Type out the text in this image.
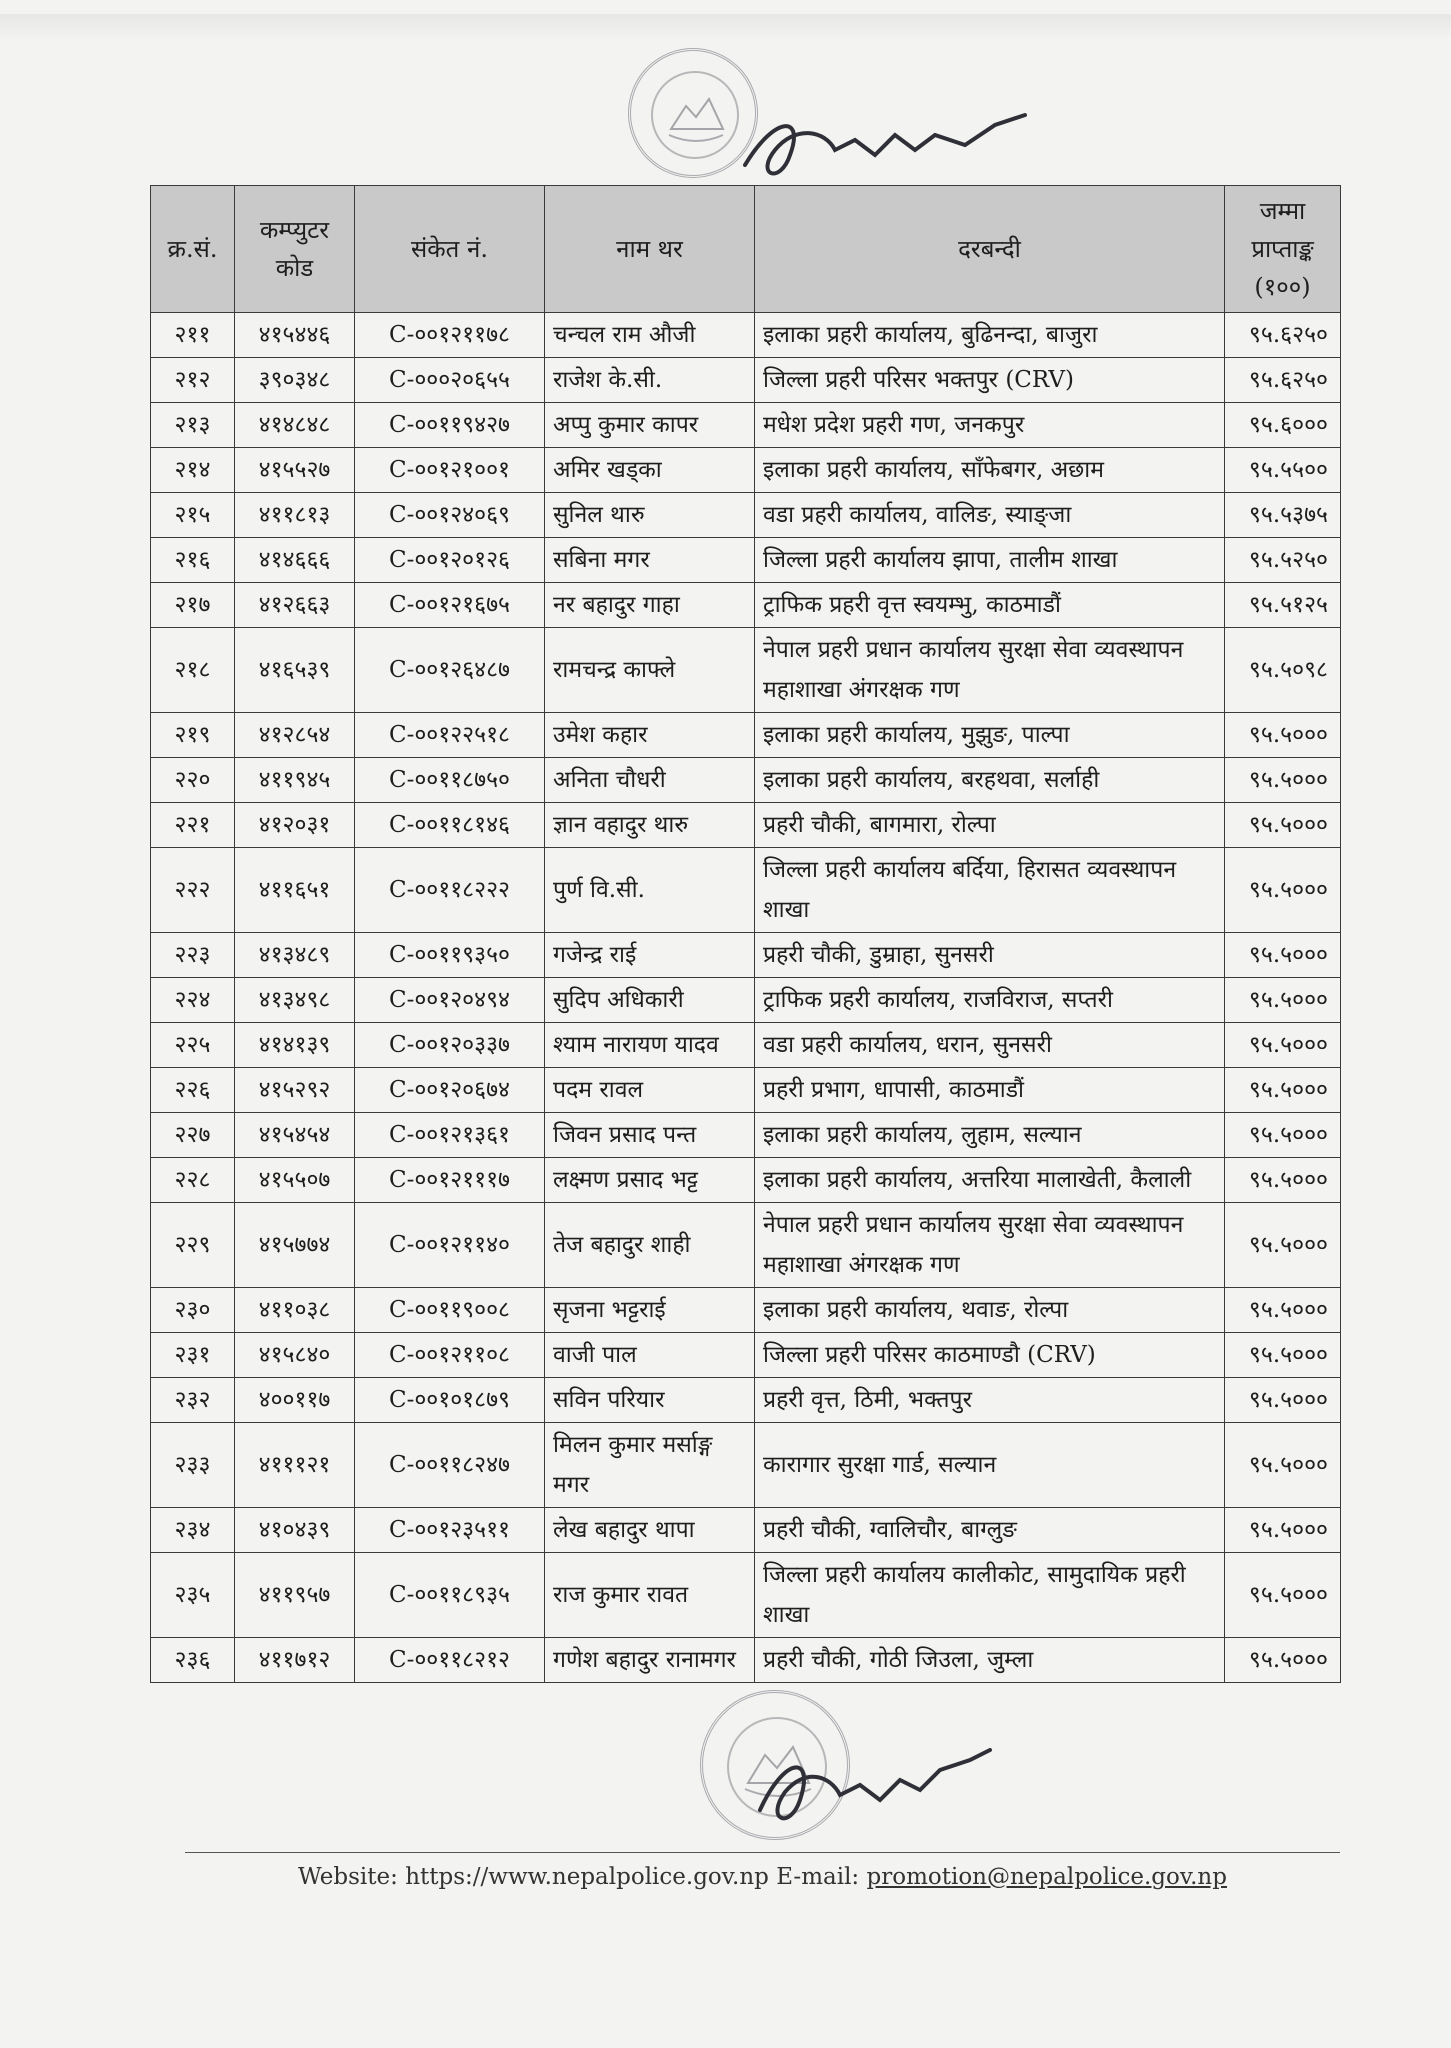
क्र.सं.	कम्प्युटर कोड	संकेत नं.	नाम थर	दरबन्दी	जम्मा प्राप्ताङ्क (१००)
२११	४१५४४६	C-००१२११७८	चन्चल राम औजी	इलाका प्रहरी कार्यालय, बुढिनन्दा, बाजुरा	९५.६२५०
२१२	३९०३४८	C-०००२०६५५	राजेश के.सी.	जिल्ला प्रहरी परिसर भक्तपुर (CRV)	९५.६२५०
२१३	४१४८४८	C-००११९४२७	अप्पु कुमार कापर	मधेश प्रदेश प्रहरी गण, जनकपुर	९५.६०००
२१४	४१५५२७	C-००१२१००१	अमिर खड्का	इलाका प्रहरी कार्यालय, साँफेबगर, अछाम	९५.५५००
२१५	४११८१३	C-००१२४०६९	सुनिल थारु	वडा प्रहरी कार्यालय, वालिङ, स्याङ्जा	९५.५३७५
२१६	४१४६६६	C-००१२०१२६	सबिना मगर	जिल्ला प्रहरी कार्यालय झापा, तालीम शाखा	९५.५२५०
२१७	४१२६६३	C-००१२१६७५	नर बहादुर गाहा	ट्राफिक प्रहरी वृत्त स्वयम्भु, काठमाडौं	९५.५१२५
२१८	४१६५३९	C-००१२६४८७	रामचन्द्र काफ्ले	नेपाल प्रहरी प्रधान कार्यालय सुरक्षा सेवा व्यवस्थापन महाशाखा अंगरक्षक गण	९५.५०९८
२१९	४१२८५४	C-००१२२५१८	उमेश कहार	इलाका प्रहरी कार्यालय, मुझुङ, पाल्पा	९५.५०००
२२०	४११९४५	C-००११८७५०	अनिता चौधरी	इलाका प्रहरी कार्यालय, बरहथवा, सर्लाही	९५.५०००
२२१	४१२०३१	C-००११८१४६	ज्ञान वहादुर थारु	प्रहरी चौकी, बागमारा, रोल्पा	९५.५०००
२२२	४११६५१	C-००११८२२२	पुर्ण वि.सी.	जिल्ला प्रहरी कार्यालय बर्दिया, हिरासत व्यवस्थापन शाखा	९५.५०००
२२३	४१३४८९	C-००११९३५०	गजेन्द्र राई	प्रहरी चौकी, डुम्राहा, सुनसरी	९५.५०००
२२४	४१३४९८	C-००१२०४९४	सुदिप अधिकारी	ट्राफिक प्रहरी कार्यालय, राजविराज, सप्तरी	९५.५०००
२२५	४१४१३९	C-००१२०३३७	श्याम नारायण यादव	वडा प्रहरी कार्यालय, धरान, सुनसरी	९५.५०००
२२६	४१५२९२	C-००१२०६७४	पदम रावल	प्रहरी प्रभाग, धापासी, काठमाडौं	९५.५०००
२२७	४१५४५४	C-००१२१३६१	जिवन प्रसाद पन्त	इलाका प्रहरी कार्यालय, लुहाम, सल्यान	९५.५०००
२२८	४१५५०७	C-००१२१११७	लक्ष्मण प्रसाद भट्ट	इलाका प्रहरी कार्यालय, अत्तरिया मालाखेती, कैलाली	९५.५०००
२२९	४१५७७४	C-००१२११४०	तेज बहादुर शाही	नेपाल प्रहरी प्रधान कार्यालय सुरक्षा सेवा व्यवस्थापन महाशाखा अंगरक्षक गण	९५.५०००
२३०	४११०३८	C-००११९००८	सृजना भट्टराई	इलाका प्रहरी कार्यालय, थवाङ, रोल्पा	९५.५०००
२३१	४१५८४०	C-००१२११०८	वाजी पाल	जिल्ला प्रहरी परिसर काठमाण्डौ (CRV)	९५.५०००
२३२	४००११७	C-००१०१८७९	सविन परियार	प्रहरी वृत्त, ठिमी, भक्तपुर	९५.५०००
२३३	४१११२१	C-००११८२४७	मिलन कुमार मर्साङ्ग मगर	कारागार सुरक्षा गार्ड, सल्यान	९५.५०००
२३४	४१०४३९	C-००१२३५११	लेख बहादुर थापा	प्रहरी चौकी, ग्वालिचौर, बाग्लुङ	९५.५०००
२३५	४११९५७	C-००११८९३५	राज कुमार रावत	जिल्ला प्रहरी कार्यालय कालीकोट, सामुदायिक प्रहरी शाखा	९५.५०००
२३६	४११७१२	C-००११८२१२	गणेश बहादुर रानामगर	प्रहरी चौकी, गोठी जिउला, जुम्ला	९५.५०००
Website: https://www.nepalpolice.gov.np E-mail: promotion@nepalpolice.gov.np
